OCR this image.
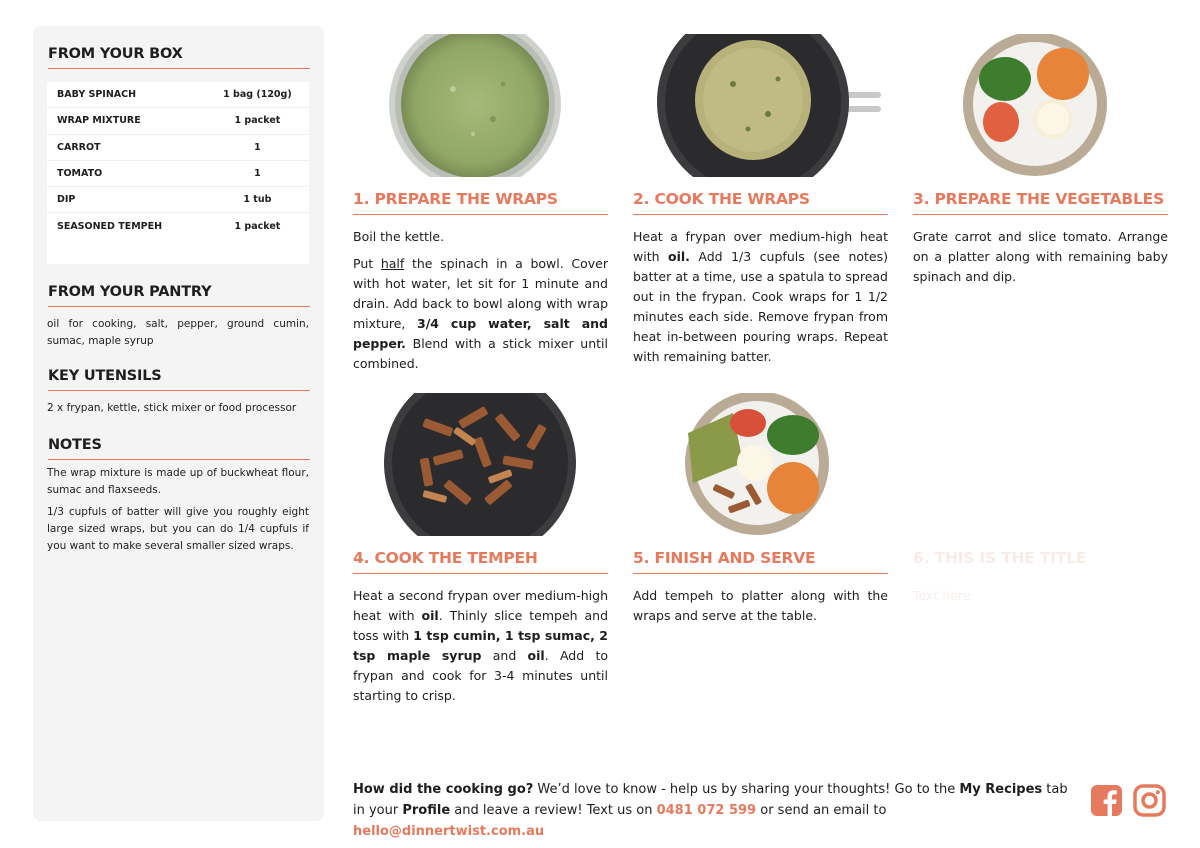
FROM YOUR BOX
BABY SPINACH	1 bag (120g)
WRAP MIXTURE	1 packet
CARROT	1
TOMATO	1
DIP	1 tub
SEASONED TEMPEH	1 packet
FROM YOUR PANTRY
oil for cooking, salt, pepper, ground cumin, sumac, maple syrup
KEY UTENSILS
2 x frypan, kettle, stick mixer or food processor
NOTES
The wrap mixture is made up of buckwheat flour, sumac and flaxseeds.
1/3 cupfuls of batter will give you roughly eight large sized wraps, but you can do 1/4 cupfuls if you want to make several smaller sized wraps.
1. PREPARE THE WRAPS

Boil the kettle.

Put half the spinach in a bowl. Cover with hot water, let sit for 1 minute and drain. Add back to bowl along with wrap mixture, 3/4 cup water, salt and pepper. Blend with a stick mixer until combined.

2. COOK THE WRAPS

Heat a frypan over medium-high heat with oil. Add 1/3 cupfuls (see notes) batter at a time, use a spatula to spread out in the frypan. Cook wraps for 1 1/2 minutes each side. Remove frypan from heat in-between pouring wraps. Repeat with remaining batter.

3. PREPARE THE VEGETABLES

Grate carrot and slice tomato. Arrange on a platter along with remaining baby spinach and dip.

4. COOK THE TEMPEH

Heat a second frypan over medium-high heat with oil. Thinly slice tempeh and toss with 1 tsp cumin, 1 tsp sumac, 2 tsp maple syrup and oil. Add to frypan and cook for 3-4 minutes until starting to crisp.

5. FINISH AND SERVE

Add tempeh to platter along with the wraps and serve at the table.

6. THIS IS THE TITLE

Text here

How did the cooking go? We’d love to know - help us by sharing your thoughts! Go to the My Recipes tab in your Profile and leave a review! Text us on 0481 072 599 or send an email to hello@dinnertwist.com.au
